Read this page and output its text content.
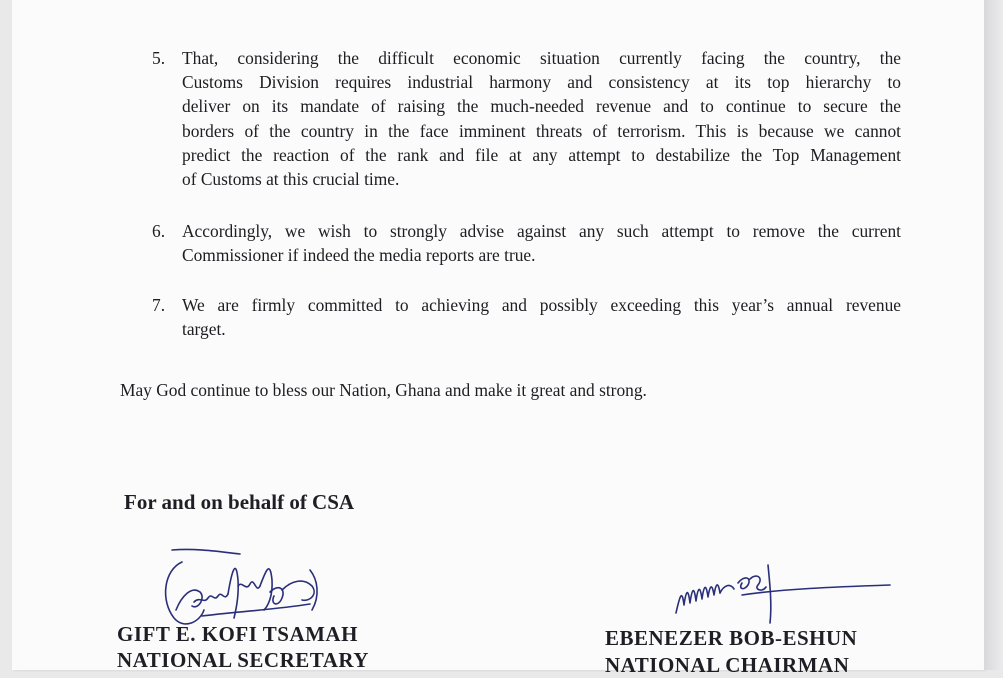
5. That, considering the difficult economic situation currently facing the country, the
Customs Division requires industrial harmony and consistency at its top hierarchy to
deliver on its mandate of raising the much-needed revenue and to continue to secure the
borders of the country in the face imminent threats of terrorism. This is because we cannot
predict the reaction of the rank and file at any attempt to destabilize the Top Management
of Customs at this crucial time.
6. Accordingly, we wish to strongly advise against any such attempt to remove the current
Commissioner if indeed the media reports are true.
7. We are firmly committed to achieving and possibly exceeding this year’s annual revenue
target.
May God continue to bless our Nation, Ghana and make it great and strong.
For and on behalf of CSA
GIFT E. KOFI TSAMAH
NATIONAL SECRETARY
EBENEZER BOB-ESHUN
NATIONAL CHAIRMAN
